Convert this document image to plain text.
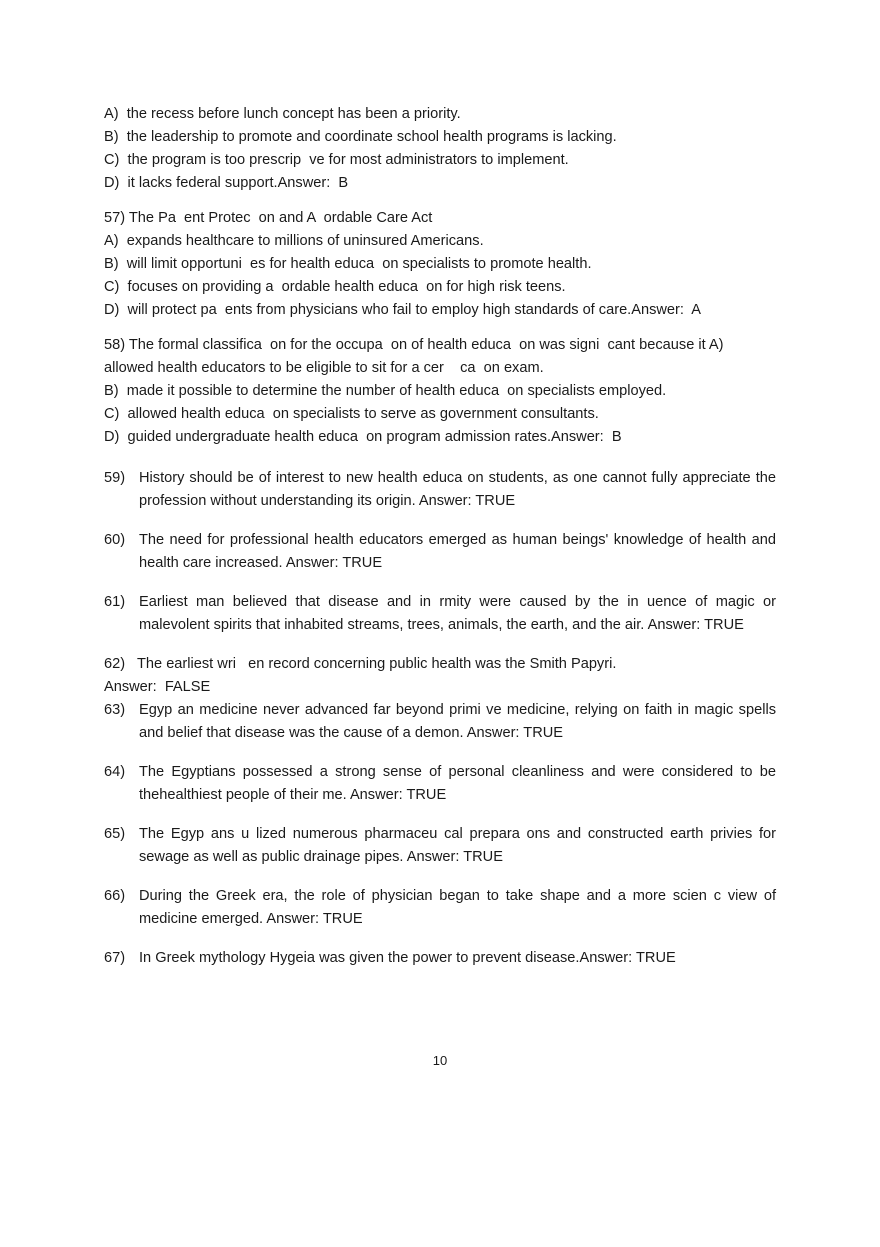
A)  the recess before lunch concept has been a priority.
B)  the leadership to promote and coordinate school health programs is lacking.
C)  the program is too prescrip  ve for most administrators to implement.
D)  it lacks federal support.Answer:  B
57) The Pa  ent Protec  on and A  ordable Care Act
A)  expands healthcare to millions of uninsured Americans.
B)  will limit opportuni  es for health educa  on specialists to promote health.
C)  focuses on providing a  ordable health educa  on for high risk teens.
D)  will protect pa  ents from physicians who fail to employ high standards of care.Answer:  A
58) The formal classifica  on for the occupa  on of health educa  on was signi  cant because it A)
allowed health educators to be eligible to sit for a cer    ca  on exam.
B)  made it possible to determine the number of health educa  on specialists employed.
C)  allowed health educa  on specialists to serve as government consultants.
D)  guided undergraduate health educa  on program admission rates.Answer:  B
59) History should be of interest to new health educa on students, as one cannot fully appreciate the profession without understanding its origin. Answer: TRUE
60) The need for professional health educators emerged as human beings' knowledge of health and health care increased. Answer: TRUE
61) Earliest man believed that disease and in rmity were caused by the in uence of magic or malevolent spirits that inhabited streams, trees, animals, the earth, and the air. Answer: TRUE
62)   The earliest wri   en record concerning public health was the Smith Papyri.
Answer:  FALSE
63) Egyp an medicine never advanced far beyond primi ve medicine, relying on faith in magic spells and belief that disease was the cause of a demon. Answer: TRUE
64) The Egyptians possessed a strong sense of personal cleanliness and were considered to be thehealthiest people of their me. Answer: TRUE
65) The Egyp ans u lized numerous pharmaceu cal prepara ons and constructed earth privies for sewage as well as public drainage pipes. Answer: TRUE
66) During the Greek era, the role of physician began to take shape and a more scien c view of medicine emerged. Answer: TRUE
67) In Greek mythology Hygeia was given the power to prevent disease.Answer: TRUE
10
